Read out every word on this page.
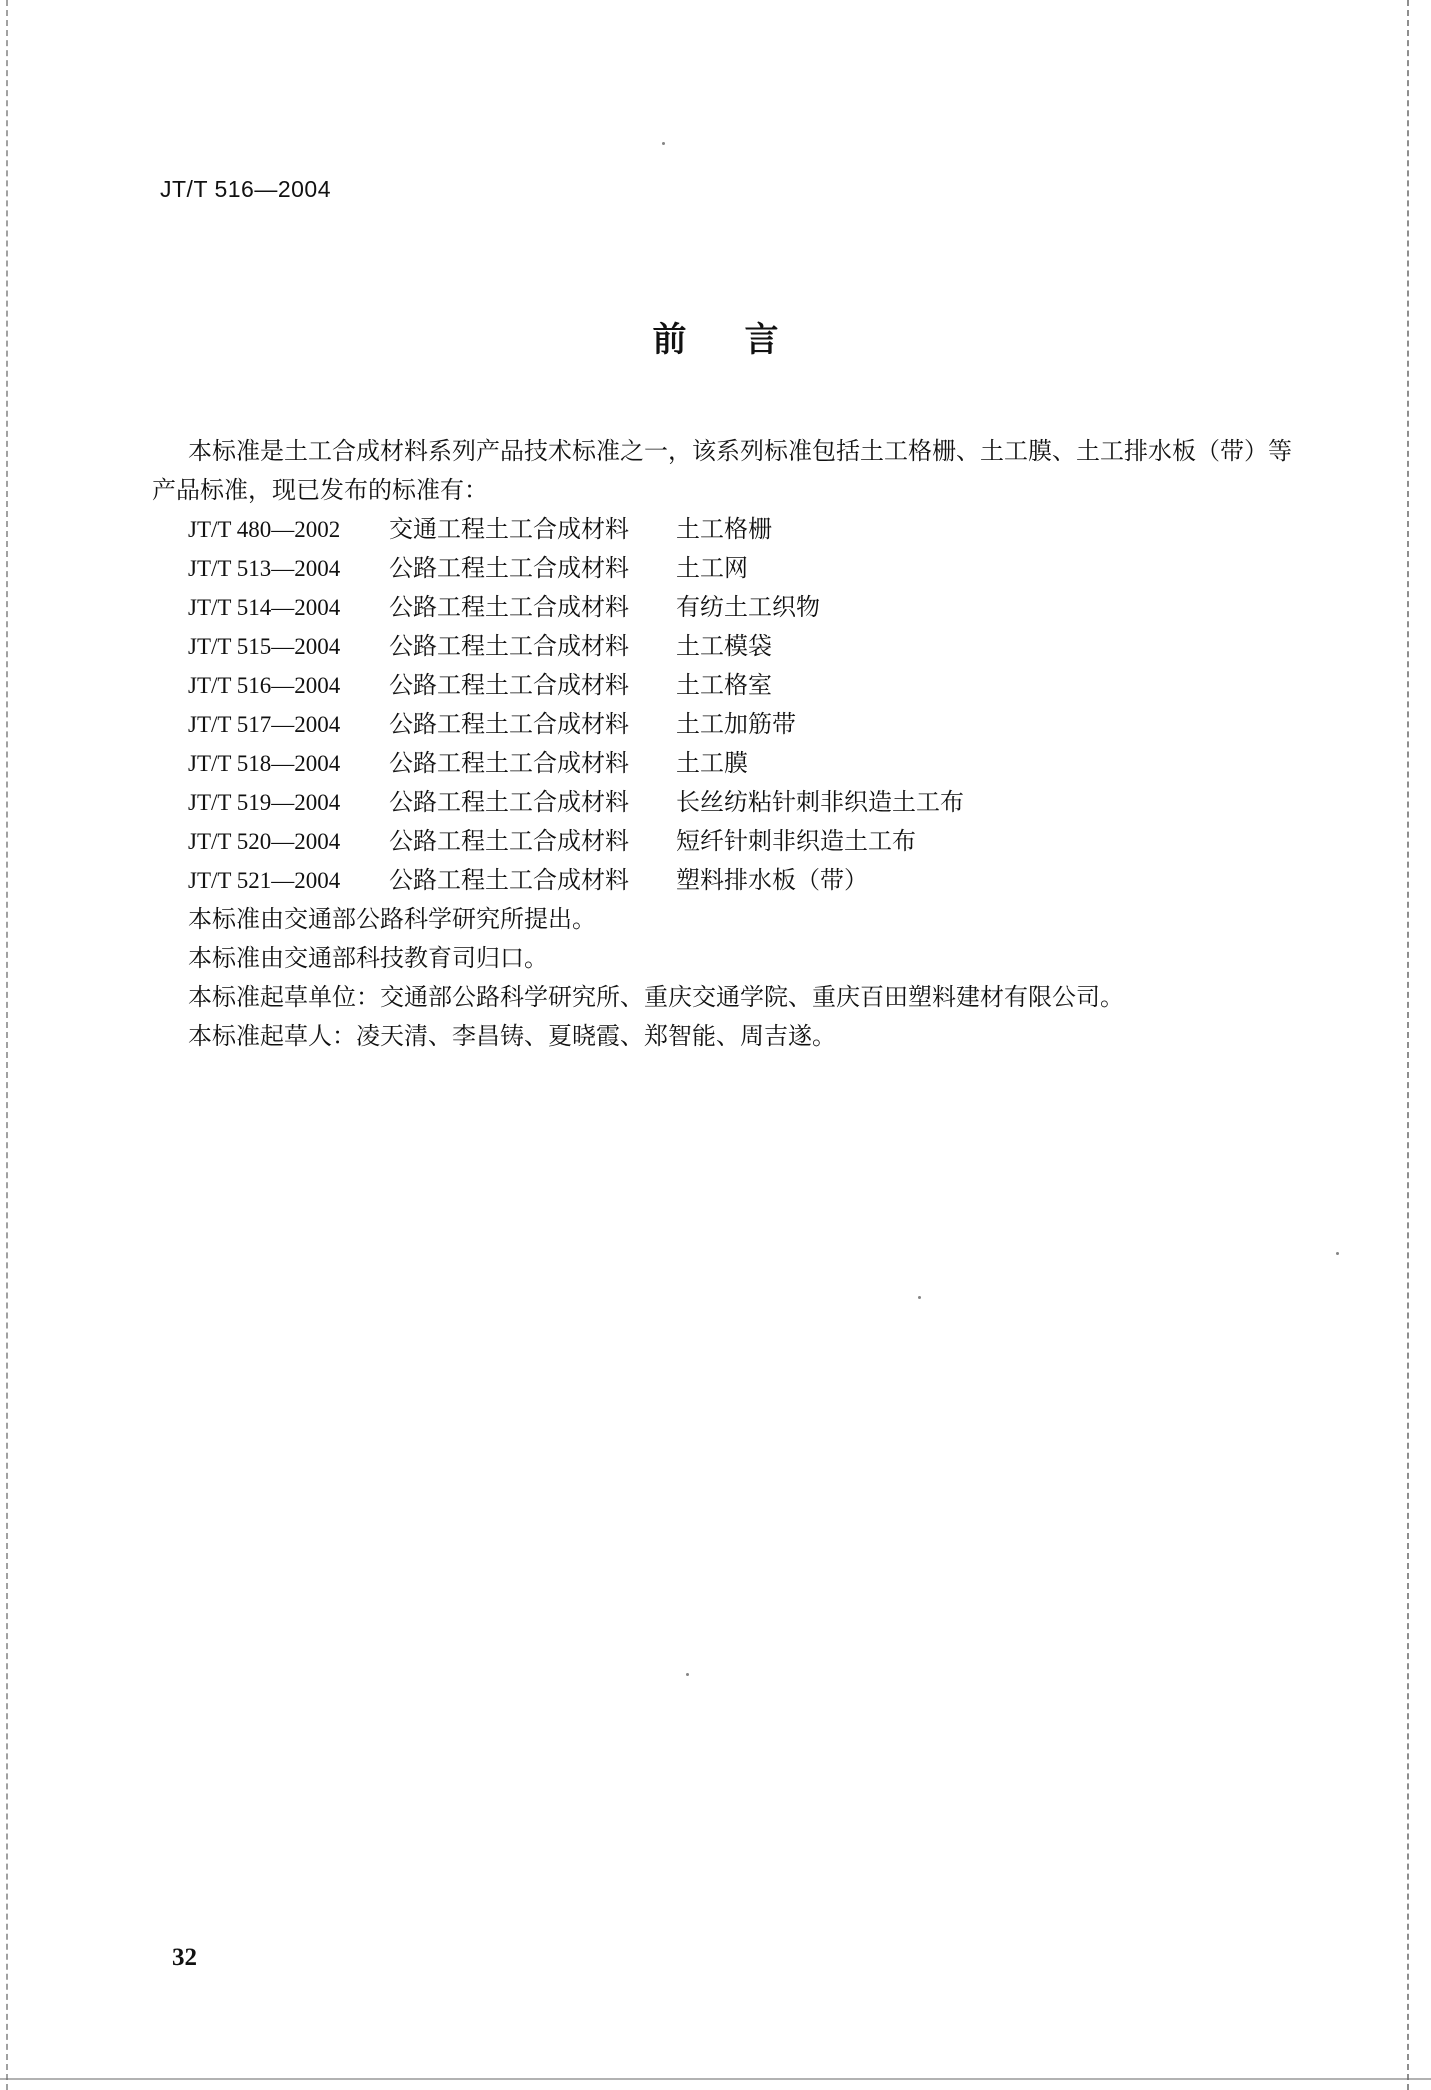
JT/T 516—2004
前言

本标准是土工合成材料系列产品技术标准之一，该系列标准包括土工格栅、土工膜、土工排水板（带）等产品标准，现已发布的标准有：

JT/T 480—2002	交通工程土工合成材料	土工格栅
JT/T 513—2004	公路工程土工合成材料	土工网
JT/T 514—2004	公路工程土工合成材料	有纺土工织物
JT/T 515—2004	公路工程土工合成材料	土工模袋
JT/T 516—2004	公路工程土工合成材料	土工格室
JT/T 517—2004	公路工程土工合成材料	土工加筋带
JT/T 518—2004	公路工程土工合成材料	土工膜
JT/T 519—2004	公路工程土工合成材料	长丝纺粘针刺非织造土工布
JT/T 520—2004	公路工程土工合成材料	短纤针刺非织造土工布
JT/T 521—2004	公路工程土工合成材料	塑料排水板（带）

本标准由交通部公路科学研究所提出。

本标准由交通部科技教育司归口。

本标准起草单位：交通部公路科学研究所、重庆交通学院、重庆百田塑料建材有限公司。

本标准起草人：凌天清、李昌铸、夏晓霞、郑智能、周吉遂。

32
